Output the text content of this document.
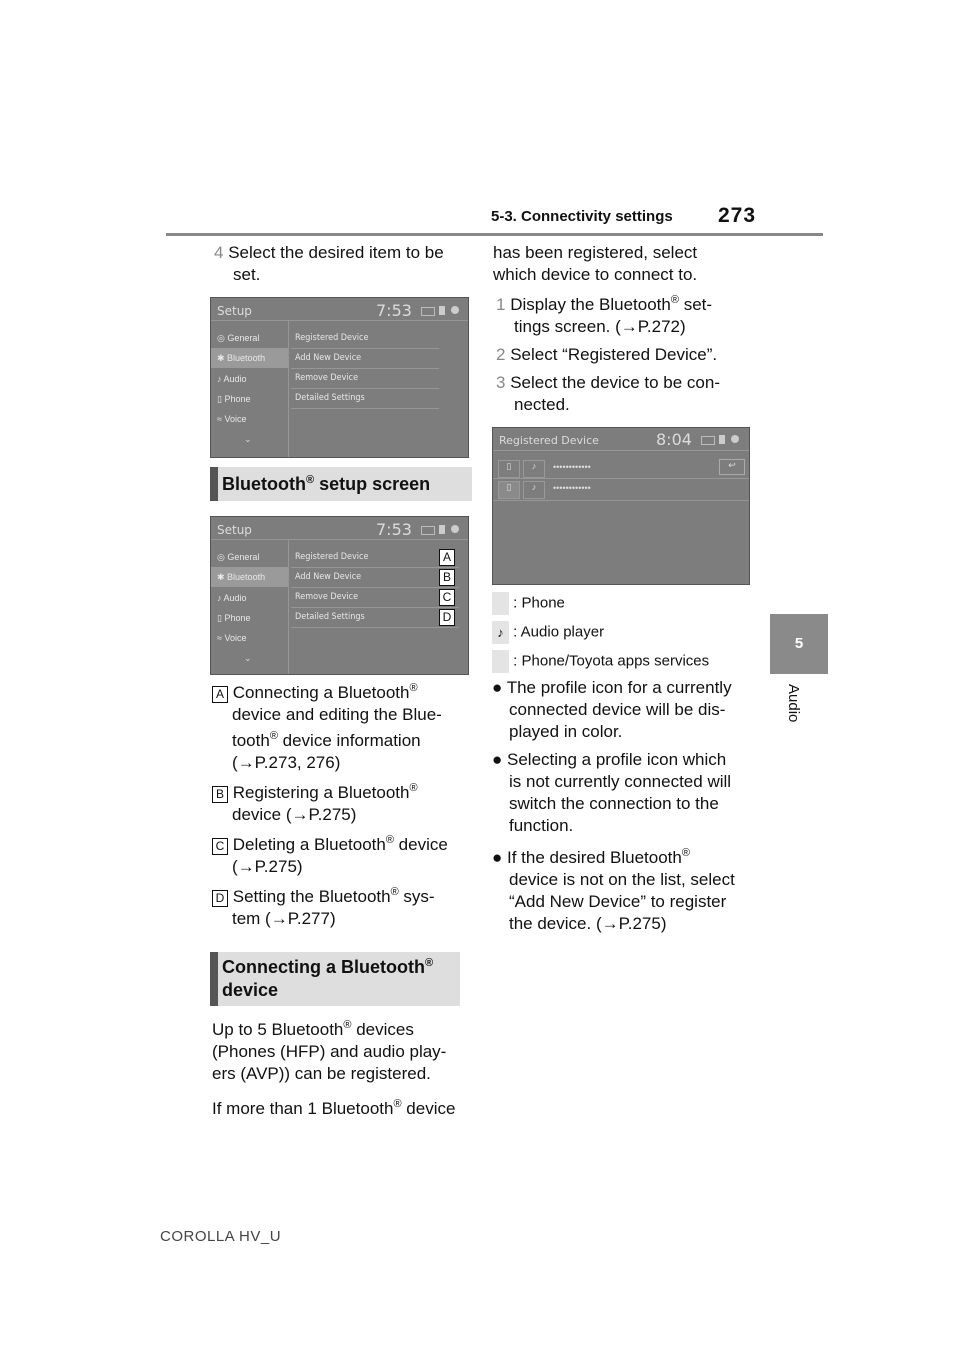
5-3. Connectivity settings 273
5
Audio
4 Select the desired item to be
set.
Setup	7:53
◎ General
✱ Bluetooth
♪ Audio
▯ Phone
≈ Voice
⌄
Registered Device
Add New Device
Remove Device
Detailed Settings
Bluetooth® setup screen
Setup	7:53
◎ General
✱ Bluetooth
♪ Audio
▯ Phone
≈ Voice
⌄
Registered Device
Add New Device
Remove Device
Detailed Settings
A
B
C
D
A Connecting a Bluetooth®
device and editing the Blue-
tooth® device information
(→P.273, 276)
B Registering a Bluetooth®
device (→P.275)
C Deleting a Bluetooth® device
(→P.275)
D Setting the Bluetooth® sys-
tem (→P.277)
Connecting a Bluetooth®
device
Up to 5 Bluetooth® devices
(Phones (HFP) and audio play-
ers (AVP)) can be registered.
If more than 1 Bluetooth® device
has been registered, select
which device to connect to.
1 Display the Bluetooth® set-
tings screen. (→P.272)
2 Select “Registered Device”.
3 Select the device to be con-
nected.
Registered Device	8:04
▯	♪	••••••••••••	↩
▯	♪	••••••••••••
: Phone
♪ : Audio player
: Phone/Toyota apps services
● The profile icon for a currently
connected device will be dis-
played in color.
● Selecting a profile icon which
is not currently connected will
switch the connection to the
function.
● If the desired Bluetooth®
device is not on the list, select
“Add New Device” to register
the device. (→P.275)
COROLLA HV_U
